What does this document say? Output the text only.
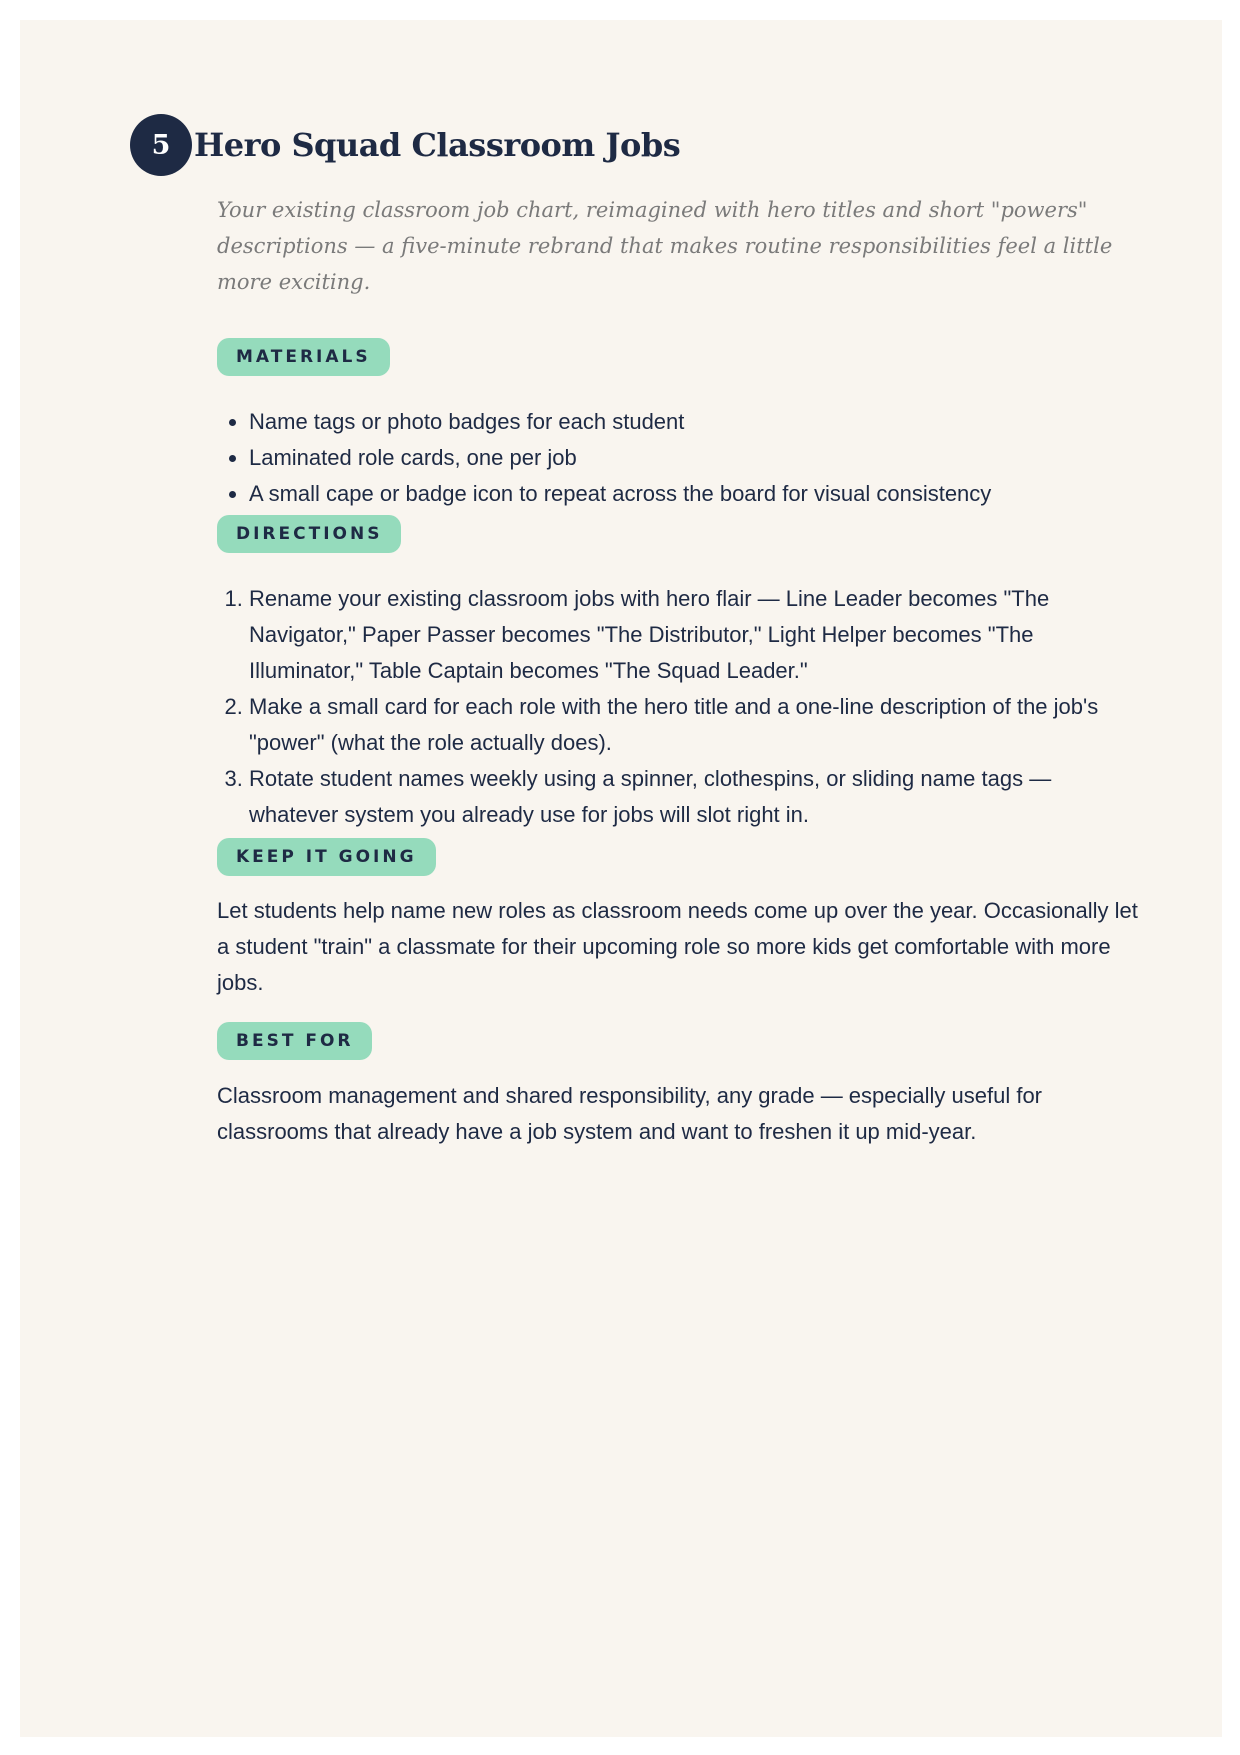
5 Hero Squad Classroom Jobs

Your existing classroom job chart, reimagined with hero titles and short "powers" descriptions — a five-minute rebrand that makes routine responsibilities feel a little more exciting.

MATERIALS
• Name tags or photo badges for each student
• Laminated role cards, one per job
• A small cape or badge icon to repeat across the board for visual consistency
DIRECTIONS
1. Rename your existing classroom jobs with hero flair — Line Leader becomes "The Navigator," Paper Passer becomes "The Distributor," Light Helper becomes "The Illuminator," Table Captain becomes "The Squad Leader."
2. Make a small card for each role with the hero title and a one-line description of the job's "power" (what the role actually does).
3. Rotate student names weekly using a spinner, clothespins, or sliding name tags — whatever system you already use for jobs will slot right in.
KEEP IT GOING

Let students help name new roles as classroom needs come up over the year. Occasionally let a student "train" a classmate for their upcoming role so more kids get comfortable with more jobs.

BEST FOR

Classroom management and shared responsibility, any grade — especially useful for classrooms that already have a job system and want to freshen it up mid-year.
